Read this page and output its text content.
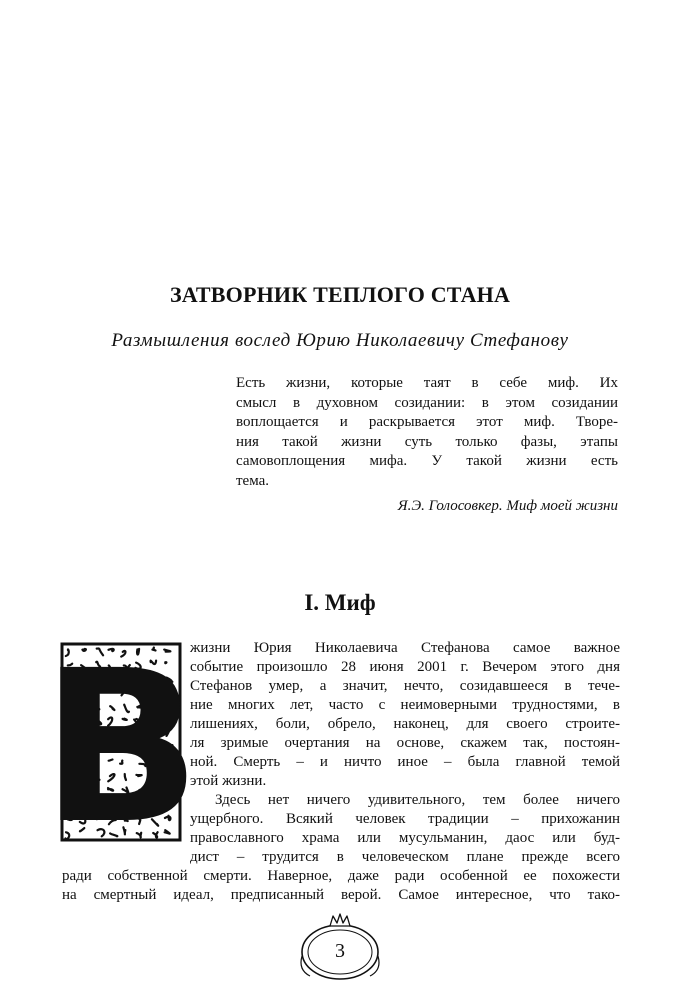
ЗАТВОРНИК ТЕПЛОГО СТАНА
Размышления вослед Юрию Николаевичу Стефанову
Есть жизни, которые таят в себе миф. Их
смысл в духовном созидании: в этом созидании
воплощается и раскрывается этот миф. Творе-
ния такой жизни суть только фазы, этапы
самовоплощения мифа. У такой жизни есть
тема.
Я.Э. Голосовкер. Миф моей жизни
I. Миф
В
жизни Юрия Николаевича Стефанова самое важное
событие произошло 28 июня 2001 г. Вечером этого дня
Стефанов умер, а значит, нечто, созидавшееся в тече-
ние многих лет, часто с неимоверными трудностями, в
лишениях, боли, обрело, наконец, для своего строите-
ля зримые очертания на основе, скажем так, постоян-
ной. Смерть – и ничто иное – была главной темой
этой жизни.
Здесь нет ничего удивительного, тем более ничего
ущербного. Всякий человек традиции – прихожанин
православного храма или мусульманин, даос или буд-
дист – трудится в человеческом плане прежде всего
ради собственной смерти. Наверное, даже ради особенной ее похожести
на смертный идеал, предписанный верой. Самое интересное, что тако-
3
